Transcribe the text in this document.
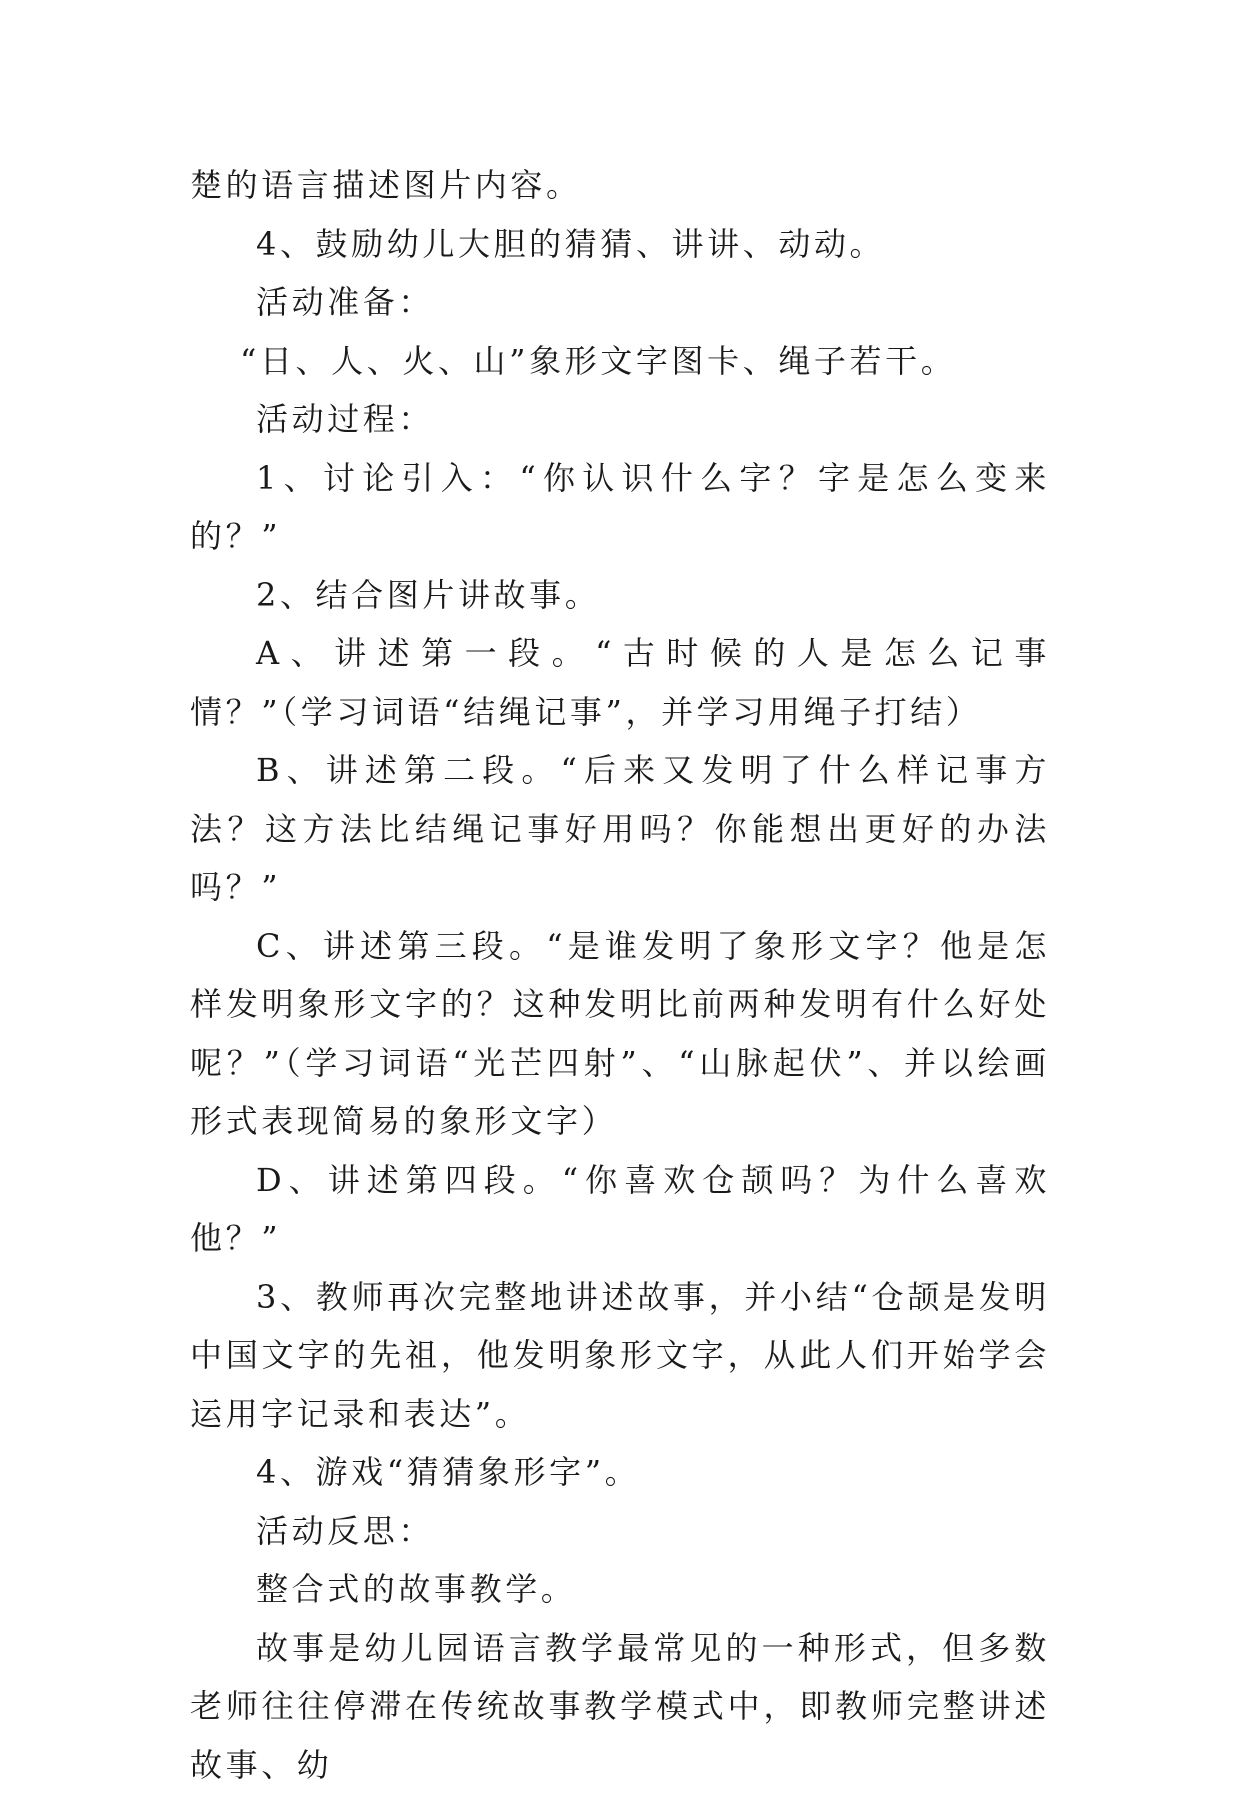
楚的语言描述图片内容。

4、鼓励幼儿大胆的猜猜、讲讲、动动。

活动准备：

“日、人、火、山”象形文字图卡、绳子若干。

活动过程：

1、讨论引入：“你认识什么字？字是怎么变来的？”

2、结合图片讲故事。

A、讲述第一段。“古时候的人是怎么记事情？”（学习词语“结绳记事”，并学习用绳子打结）

B、讲述第二段。“后来又发明了什么样记事方法？这方法比结绳记事好用吗？你能想出更好的办法吗？”

C、讲述第三段。“是谁发明了象形文字？他是怎样发明象形文字的？这种发明比前两种发明有什么好处呢？”（学习词语“光芒四射”、“山脉起伏”、并以绘画形式表现简易的象形文字）

D、讲述第四段。“你喜欢仓颉吗？为什么喜欢他？”

3、教师再次完整地讲述故事，并小结“仓颉是发明中国文字的先祖，他发明象形文字，从此人们开始学会运用字记录和表达”。

4、游戏“猜猜象形字”。

活动反思：

整合式的故事教学。

故事是幼儿园语言教学最常见的一种形式，但多数老师往往停滞在传统故事教学模式中，即教师完整讲述故事、幼
